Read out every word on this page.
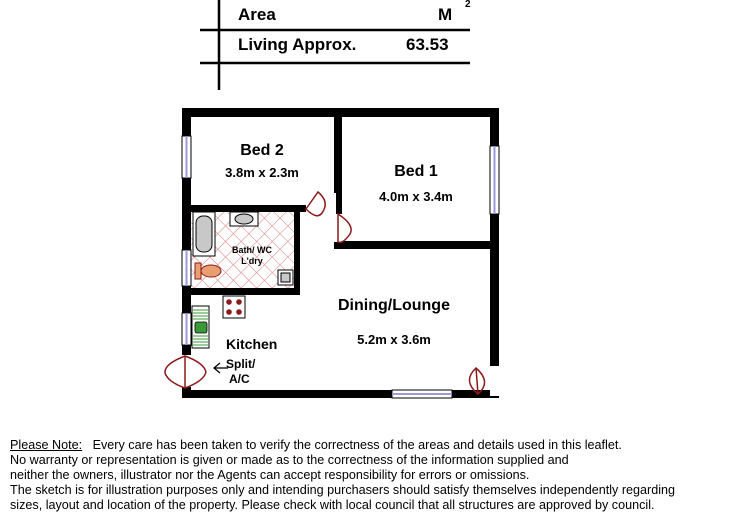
Area	M
2
Living Approx.	63.53
Bed 2
3.8m x 2.3m	Bed 1
4.0m x 3.4m
Bath/ WC
L'dry
Dining/Lounge
5.2m x 3.6m
Kitchen
Split/
A/C
Please Note: Every care has been taken to verify the correctness of the areas and details used in this leaflet.
No warranty or representation is given or made as to the correctness of the information supplied and
neither the owners, illustrator nor the Agents can accept responsibility for errors or omissions.
The sketch is for illustration purposes only and intending purchasers should satisfy themselves independently regarding
sizes, layout and location of the property. Please check with local council that all structures are approved by council.
